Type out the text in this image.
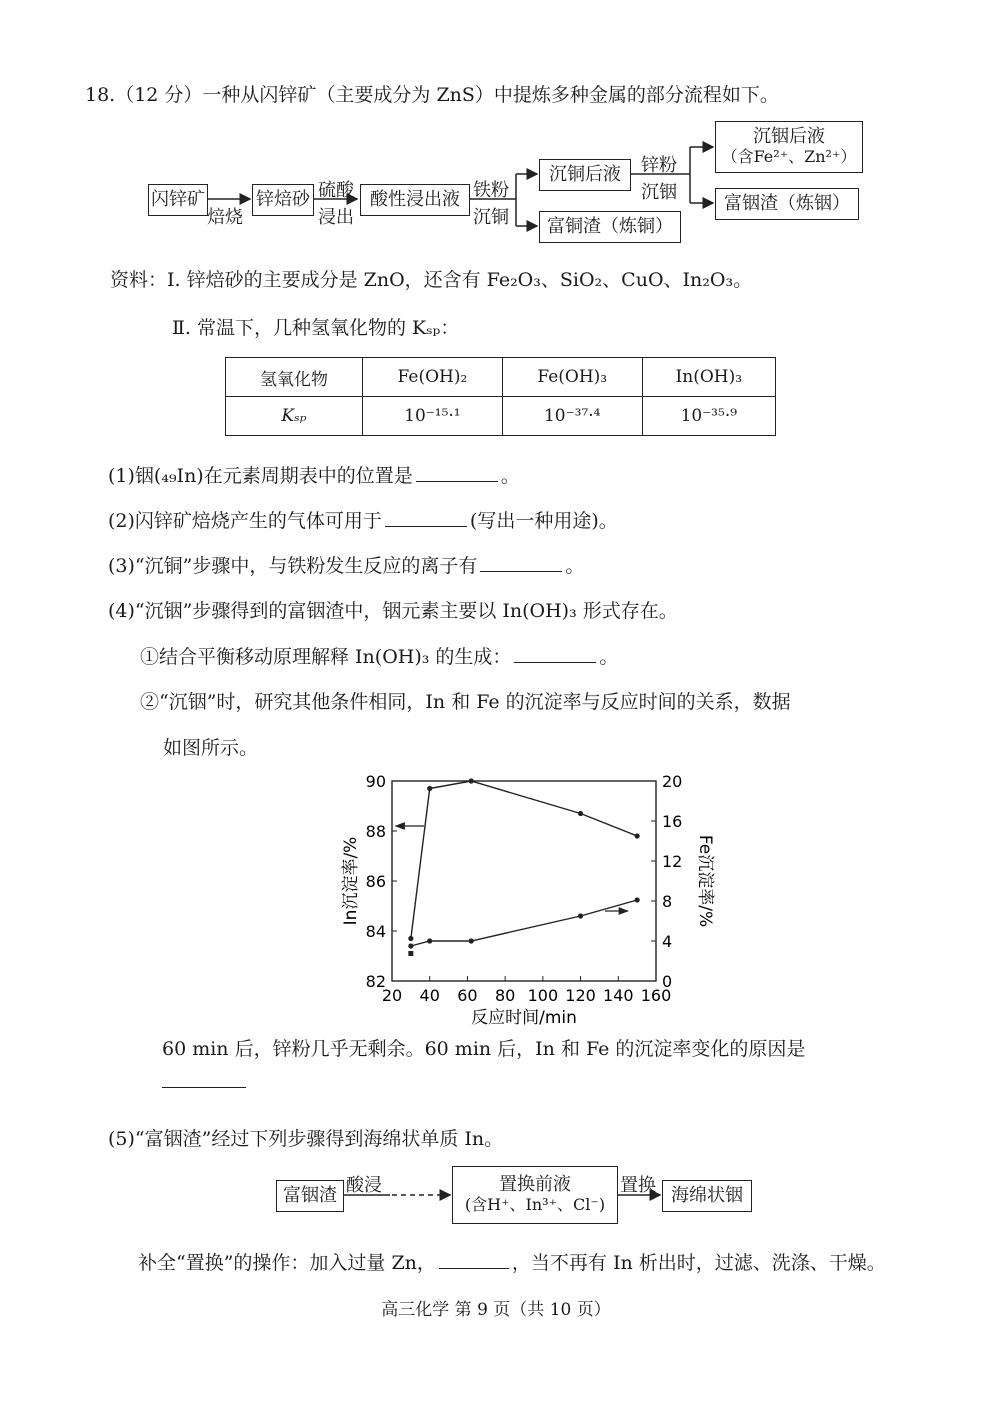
18.（12 分）一种从闪锌矿（主要成分为 ZnS）中提炼多种金属的部分流程如下。
闪锌矿
焙烧
锌焙砂 硫酸
浸出
酸性浸出液 铁粉
沉铜
沉铜后液
富铜渣（炼铜）
锌粉
沉铟
沉铟后液
（含Fe²⁺、Zn²⁺）
富铟渣（炼铟）
资料：Ⅰ. 锌焙砂的主要成分是 ZnO，还含有 Fe₂O₃、SiO₂、CuO、In₂O₃。
Ⅱ. 常温下，几种氢氧化物的 Kₛₚ：
氢氧化物	Fe(OH)₂	Fe(OH)₃	In(OH)₃
Kₛₚ	10⁻¹⁵·¹	10⁻³⁷·⁴	10⁻³⁵·⁹
(1)铟(₄₉In)在元素周期表中的位置是	。
(2)闪锌矿焙烧产生的气体可用于	(写出一种用途)。
(3)“沉铜”步骤中，与铁粉发生反应的离子有	。
(4)“沉铟”步骤得到的富铟渣中，铟元素主要以 In(OH)₃ 形式存在。
①结合平衡移动原理解释 In(OH)₃ 的生成：	。
②“沉铟”时，研究其他条件相同，In 和 Fe 的沉淀率与反应时间的关系，数据
如图所示。
20 40 60 80 100 120 140 160
82
84
86
88
90
0
4
8
12
16
20
反应时间/min
In沉淀率/%	Fe沉淀率/%
60 min 后，锌粉几乎无剩余。60 min 后，In 和 Fe 的沉淀率变化的原因是
(5)“富铟渣”经过下列步骤得到海绵状单质 In。
富铟渣 酸浸	置换前液
(含H⁺、In³⁺、Cl⁻)
置换 海绵状铟
补全“置换”的操作：加入过量 Zn，	，当不再有 In 析出时，过滤、洗涤、干燥。
高三化学 第 9 页（共 10 页）
